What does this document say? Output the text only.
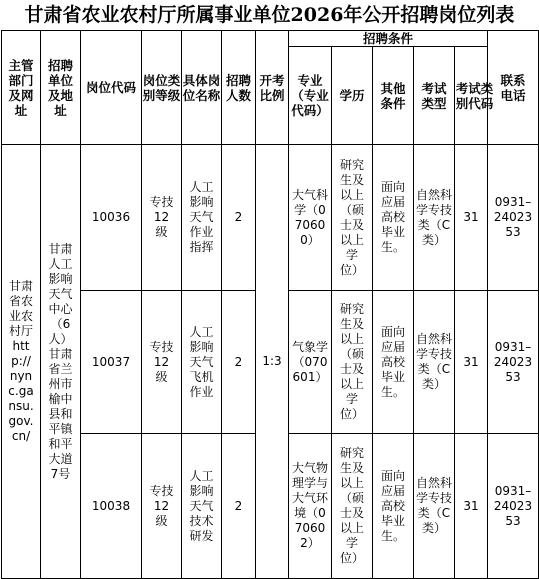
甘肃省农业农村厅所属事业单位2026年公开招聘岗位列表
主管部门及网址	招聘单位及地址	岗位代码	岗位类别等级	具体岗位名称	招聘人数	开考比例	招聘条件					联系电话

							专业（专业代码）	学历	其他条件	考试类型	考试类别代码	

甘肃省农业农村厅http://nync.gansu.gov.cn/	甘肃人工影响天气中心（6人）甘肃省兰州市榆中县和平镇和平大道7号	10036	专技12级	人工影响天气作业指挥	2	1:3	大气科学（070600）	研究生及以上（硕士及以上学位）	面向应届高校毕业生。	自然科学专技类（C类）	31	0931–2402353

		10037	专技12级	人工影响天气飞机作业	2		气象学（070601）	研究生及以上（硕士及以上学位）	面向应届高校毕业生。	自然科学专技类（C类）	31	0931–2402353

		10038	专技12级	人工影响天气技术研发	2		大气物理学与大气环境（070602）	研究生及以上（硕士及以上学位）	面向应届高校毕业生。	自然科学专技类（C类）	31	0931–2402353
